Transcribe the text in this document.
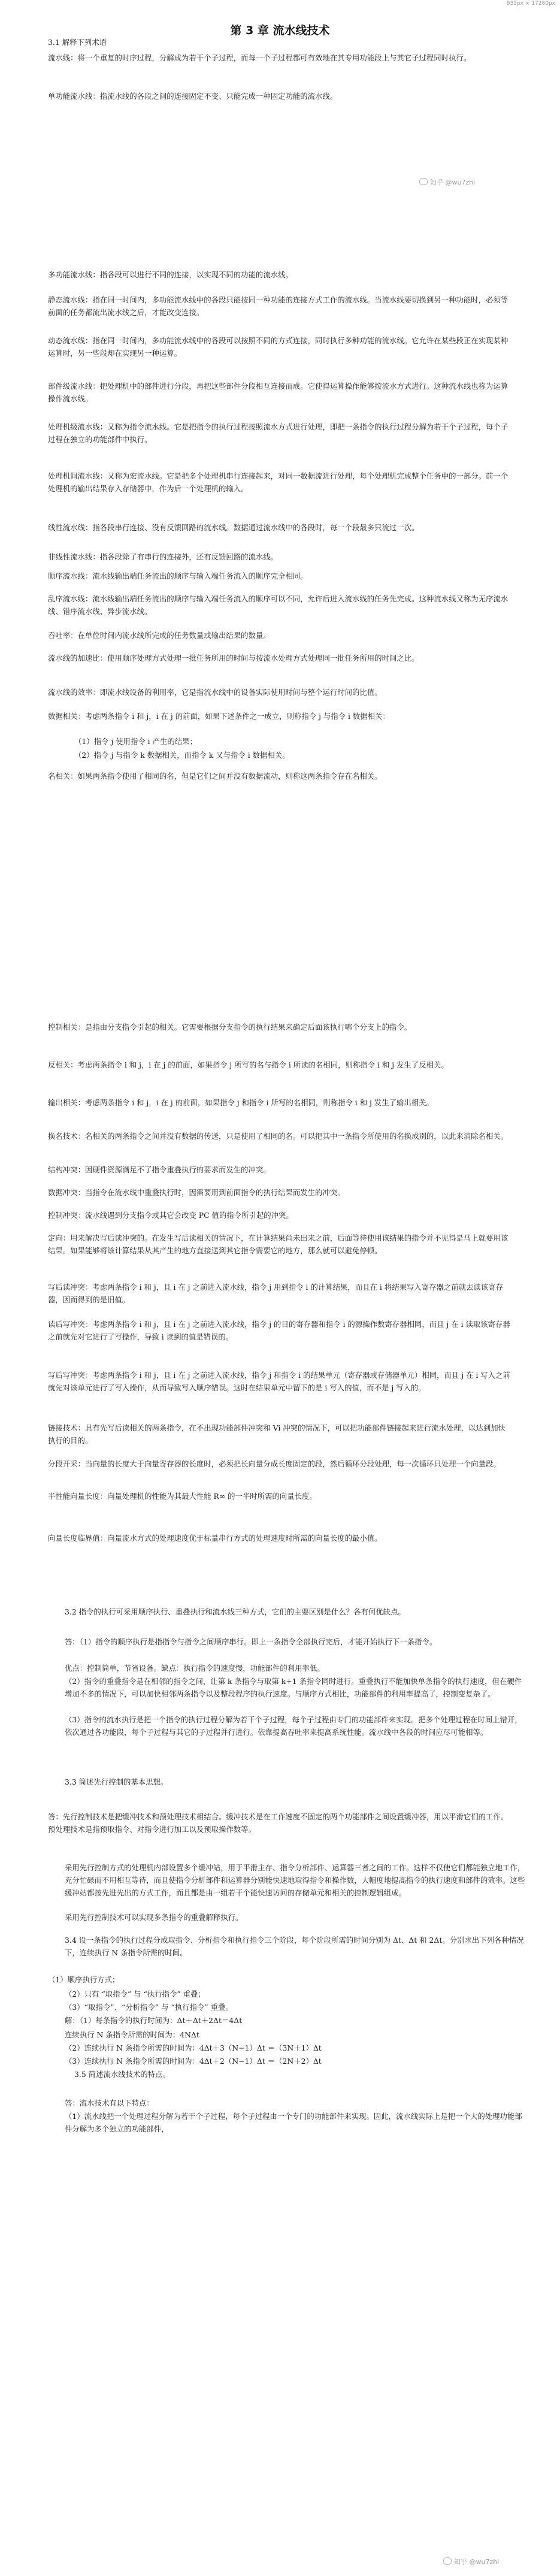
935px × 17280px
第 3 章 流水线技术

3.1 解释下列术语

流水线：将一个重复的时序过程，分解成为若干个子过程，而每一个子过程都可有效地在其专用功能段上与其它子过程同时执行。

单功能流水线：指流水线的各段之间的连接固定不变、只能完成一种固定功能的流水线。

多功能流水线：指各段可以进行不同的连接，以实现不同的功能的流水线。

静态流水线：指在同一时间内，多功能流水线中的各段只能按同一种功能的连接方式工作的流水线。当流水线要切换到另一种功能时，必须等前面的任务都流出流水线之后，才能改变连接。

动态流水线：指在同一时间内，多功能流水线中的各段可以按照不同的方式连接，同时执行多种功能的流水线。它允许在某些段正在实现某种运算时，另一些段却在实现另一种运算。

部件级流水线：把处理机中的部件进行分段，再把这些部件分段相互连接而成。它使得运算操作能够按流水方式进行。这种流水线也称为运算操作流水线。

处理机级流水线：又称为指令流水线。它是把指令的执行过程按照流水方式进行处理，即把一条指令的执行过程分解为若干个子过程，每个子过程在独立的功能部件中执行。

处理机间流水线：又称为宏流水线。它是把多个处理机串行连接起来，对同一数据流进行处理，每个处理机完成整个任务中的一部分。前一个处理机的输出结果存入存储器中，作为后一个处理机的输入。

线性流水线：指各段串行连接、没有反馈回路的流水线。数据通过流水线中的各段时，每一个段最多只流过一次。

非线性流水线：指各段除了有串行的连接外，还有反馈回路的流水线。

顺序流水线：流水线输出端任务流出的顺序与输入端任务流入的顺序完全相同。

乱序流水线：流水线输出端任务流出的顺序与输入端任务流入的顺序可以不同，允许后进入流水线的任务先完成。这种流水线又称为无序流水线、错序流水线、异步流水线。

吞吐率：在单位时间内流水线所完成的任务数量或输出结果的数量。

流水线的加速比：使用顺序处理方式处理一批任务所用的时间与按流水处理方式处理同一批任务所用的时间之比。

流水线的效率：即流水线设备的利用率，它是指流水线中的设备实际使用时间与整个运行时间的比值。

数据相关：考虑两条指令 i 和 j，i 在 j 的前面，如果下述条件之一成立，则称指令 j 与指令 i 数据相关：

（1）指令 j 使用指令 i 产生的结果；

（2）指令 j 与指令 k 数据相关，而指令 k 又与指令 i 数据相关。

名相关：如果两条指令使用了相同的名，但是它们之间并没有数据流动，则称这两条指令存在名相关。

控制相关：是指由分支指令引起的相关。它需要根据分支指令的执行结果来确定后面该执行哪个分支上的指令。

反相关：考虑两条指令 i 和 j，i 在 j 的前面，如果指令 j 所写的名与指令 i 所读的名相同，则称指令 i 和 j 发生了反相关。

输出相关：考虑两条指令 i 和 j，i 在 j 的前面，如果指令 j 和指令 i 所写的名相同，则称指令 i 和 j 发生了输出相关。

换名技术：名相关的两条指令之间并没有数据的传送，只是使用了相同的名。可以把其中一条指令所使用的名换成别的，以此来消除名相关。

结构冲突：因硬件资源满足不了指令重叠执行的要求而发生的冲突。

数据冲突：当指令在流水线中重叠执行时，因需要用到前面指令的执行结果而发生的冲突。

控制冲突：流水线遇到分支指令或其它会改变 PC 值的指令所引起的冲突。

定向：用来解决写后读冲突的。在发生写后读相关的情况下，在计算结果尚未出来之前，后面等待使用该结果的指令并不见得是马上就要用该结果。如果能够将该计算结果从其产生的地方直接送到其它指令需要它的地方，那么就可以避免停顿。

写后读冲突：考虑两条指令 i 和 j，且 i 在 j 之前进入流水线，指令 j 用到指令 i 的计算结果，而且在 i 将结果写入寄存器之前就去读该寄存器，因而得到的是旧值。

读后写冲突：考虑两条指令 i 和 j，且 i 在 j 之前进入流水线，指令 j 的目的寄存器和指令 i 的源操作数寄存器相同，而且 j 在 i 读取该寄存器之前就先对它进行了写操作，导致 i 读到的值是错误的。

写后写冲突：考虑两条指令 i 和 j，且 i 在 j 之前进入流水线，指令 j 和指令 i 的结果单元（寄存器或存储器单元）相同，而且 j 在 i 写入之前就先对该单元进行了写入操作，从而导致写入顺序错误。这时在结果单元中留下的是 i 写入的值，而不是 j 写入的。

链接技术：具有先写后读相关的两条指令，在不出现功能部件冲突和 Vi 冲突的情况下，可以把功能部件链接起来进行流水处理，以达到加快执行的目的。

分段开采：当向量的长度大于向量寄存器的长度时，必须把长向量分成长度固定的段，然后循环分段处理，每一次循环只处理一个向量段。

半性能向量长度：向量处理机的性能为其最大性能 R∞ 的一半时所需的向量长度。

向量长度临界值：向量流水方式的处理速度优于标量串行方式的处理速度时所需的向量长度的最小值。

3.2 指令的执行可采用顺序执行、重叠执行和流水线三种方式，它们的主要区别是什么？各有何优缺点。

答：（1）指令的顺序执行是指指令与指令之间顺序串行。即上一条指令全部执行完后，才能开始执行下一条指令。

优点：控制简单，节省设备。缺点：执行指令的速度慢，功能部件的利用率低。

（2）指令的重叠指令是在相邻的指令之间，让第 k 条指令与取第 k+1 条指令同时进行。重叠执行不能加快单条指令的执行速度，但在硬件增加不多的情况下，可以加快相邻两条指令以及整段程序的执行速度。与顺序方式相比，功能部件的利用率提高了，控制变复杂了。

（3）指令的流水执行是把一个指令的执行过程分解为若干个子过程，每个子过程由专门的功能部件来实现。把多个处理过程在时间上错开，依次通过各功能段，每个子过程与其它的子过程并行进行。依靠提高吞吐率来提高系统性能。流水线中各段的时间应尽可能相等。

3.3 简述先行控制的基本思想。

答：先行控制技术是把缓冲技术和预处理技术相结合。缓冲技术是在工作速度不固定的两个功能部件之间设置缓冲器，用以平滑它们的工作。预处理技术是指预取指令、对指令进行加工以及预取操作数等。

采用先行控制方式的处理机内部设置多个缓冲站，用于平滑主存、指令分析部件、运算器三者之间的工作。这样不仅使它们都能独立地工作，充分忙碌而不用相互等待，而且使指令分析部件和运算器分别能快速地取得指令和操作数，大幅度地提高指令的执行速度和部件的效率。这些缓冲站都按先进先出的方式工作，而且都是由一组若干个能快速访问的存储单元和相关的控制逻辑组成。

采用先行控制技术可以实现多条指令的重叠解释执行。

3.4 设一条指令的执行过程分成取指令、分析指令和执行指令三个阶段，每个阶段所需的时间分别为 Δt、Δt 和 2Δt。分别求出下列各种情况下，连续执行 N 条指令所需的时间。

（1）顺序执行方式；

（2）只有 “取指令” 与 “执行指令” 重叠；

（3）“取指令”、“分析指令” 与 “执行指令” 重叠。

解：（1）每条指令的执行时间为：Δt＋Δt＋2Δt＝4Δt

连续执行 N 条指令所需的时间为：4NΔt

（2）连续执行 N 条指令所需的时间为：4Δt＋3（N−1）Δt ＝（3N＋1）Δt

（3）连续执行 N 条指令所需的时间为：4Δt＋2（N−1）Δt ＝（2N＋2）Δt

3.5 简述流水线技术的特点。

答：流水技术有以下特点：

（1）流水线把一个处理过程分解为若干个子过程，每个子过程由一个专门的功能部件来实现。因此，流水线实际上是把一个大的处理功能部件分解为多个独立的功能部件，

知乎 @wu7zhi
知乎 @wu7zhi
